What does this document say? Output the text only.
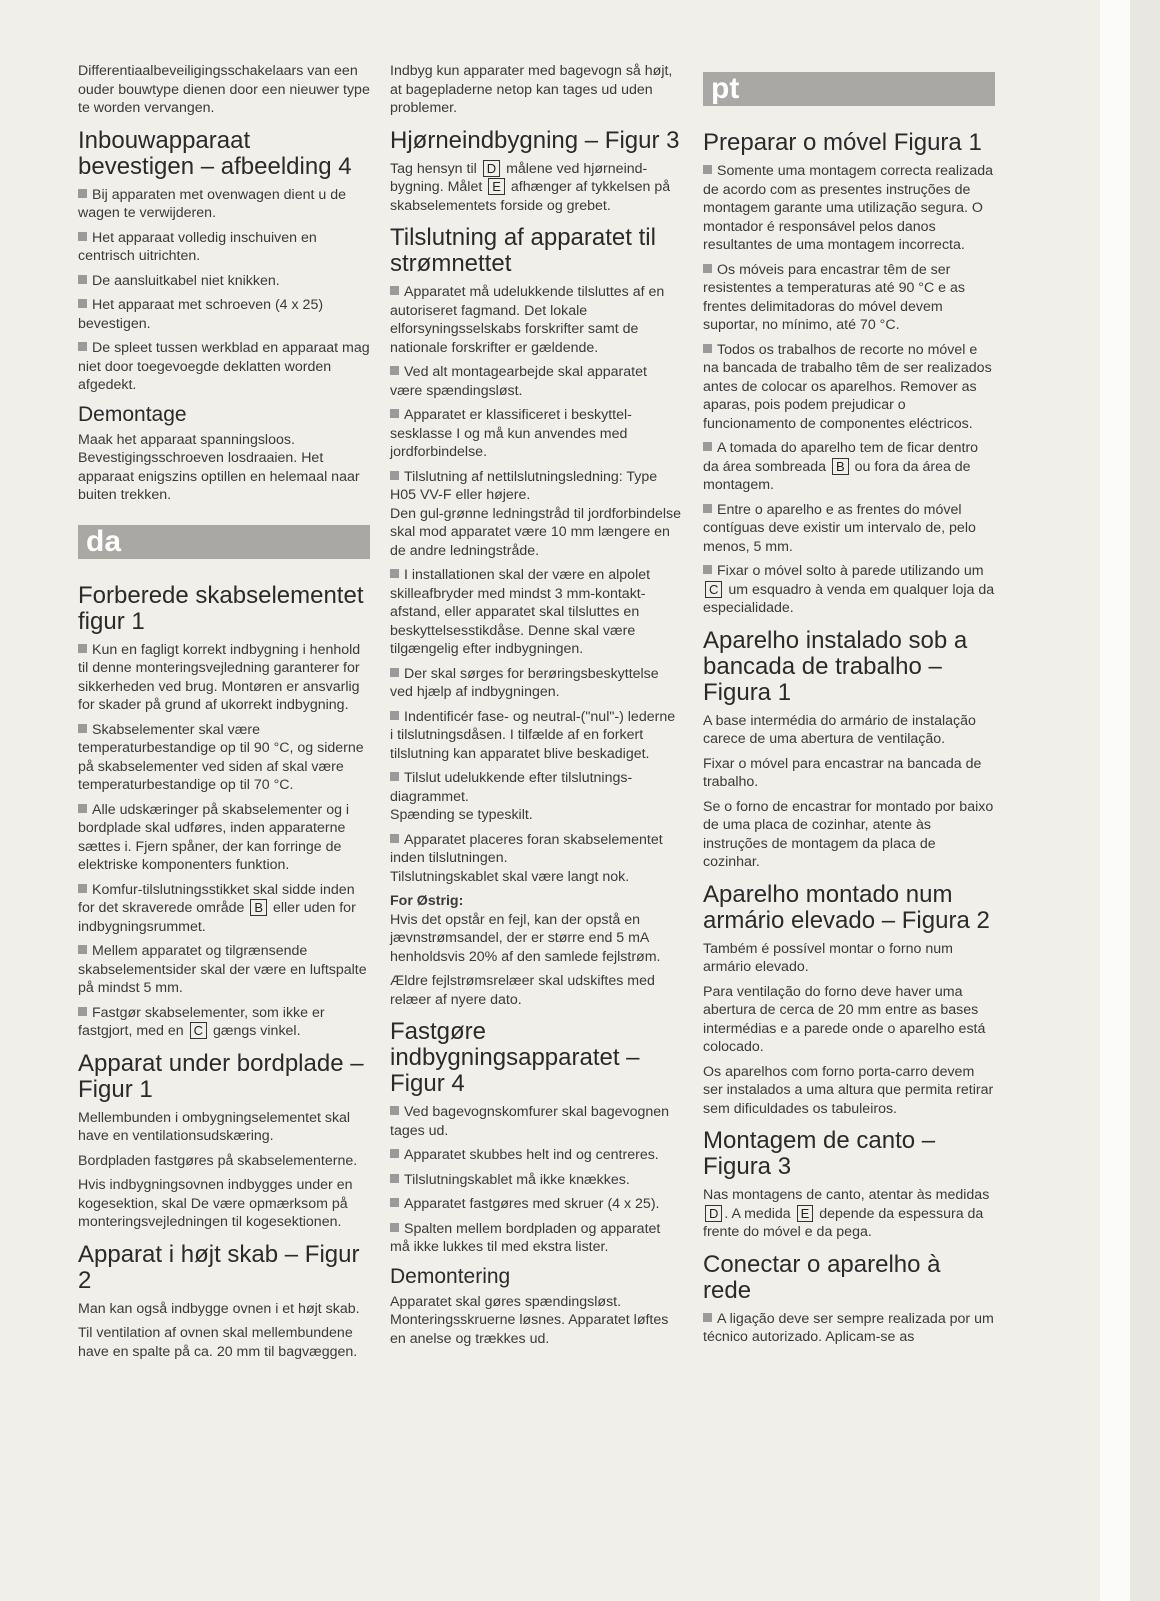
Differentiaalbeveiligingsschakelaars van een ouder bouwtype dienen door een nieuwer type te worden vervangen.

Inbouwapparaat bevestigen – afbeelding 4

Bij apparaten met ovenwagen dient u de wagen te verwijderen.

Het apparaat volledig inschuiven en centrisch uitrichten.

De aansluitkabel niet knikken.

Het apparaat met schroeven (4 x 25) bevestigen.

De spleet tussen werkblad en apparaat mag niet door toegevoegde deklatten worden afgedekt.

Demontage

Maak het apparaat spanningsloos. Bevestigingsschroeven losdraaien. Het apparaat enigszins optillen en helemaal naar buiten trekken.

da
Forberede skabselementet figur 1

Kun en fagligt korrekt indbygning i henhold til denne monteringsvejledning garanterer for sikkerheden ved brug. Montøren er ansvarlig for skader på grund af ukorrekt indbygning.

Skabselementer skal være temperaturbestandige op til 90 °C, og siderne på skabselementer ved siden af skal være temperaturbestandige op til 70 °C.

Alle udskæringer på skabselementer og i bordplade skal udføres, inden apparaterne sættes i. Fjern spåner, der kan forringe de elektriske komponenters funktion.

Komfur-tilslutningsstikket skal sidde inden for det skraverede område B eller uden for indbygningsrummet.

Mellem apparatet og tilgrænsende skabselementsider skal der være en luftspalte på mindst 5 mm.

Fastgør skabselementer, som ikke er fastgjort, med en C gængs vinkel.

Apparat under bordplade – Figur 1

Mellembunden i ombygningselementet skal have en ventilationsudskæring.

Bordpladen fastgøres på skabselementerne.

Hvis indbygningsovnen indbygges under en kogesektion, skal De være opmærksom på monteringsvejledningen til kogesektionen.

Apparat i højt skab – Figur 2

Man kan også indbygge ovnen i et højt skab.

Til ventilation af ovnen skal mellembundene have en spalte på ca. 20 mm til bagvæggen.

Indbyg kun apparater med bagevogn så højt, at bagepladerne netop kan tages ud uden problemer.

Hjørneindbygning – Figur 3

Tag hensyn til D målene ved hjørneindbygning. Målet E afhænger af tykkelsen på skabselementets forside og grebet.

Tilslutning af apparatet til strømnettet

Apparatet må udelukkende tilsluttes af en autoriseret fagmand. Det lokale elforsyningsselskabs forskrifter samt de nationale forskrifter er gældende.

Ved alt montagearbejde skal apparatet være spændingsløst.

Apparatet er klassificeret i beskyttelsesklasse I og må kun anvendes med jordforbindelse.

Tilslutning af nettilslutningsledning: Type H05 VV-F eller højere.

Den gul-grønne ledningstråd til jordforbindelse skal mod apparatet være 10 mm længere en de andre ledningstråde.

I installationen skal der være en alpolet skilleafbryder med mindst 3 mm-kontaktafstand, eller apparatet skal tilsluttes en beskyttelsesstikdåse. Denne skal være tilgængelig efter indbygningen.

Der skal sørges for berøringsbeskyttelse ved hjælp af indbygningen.

Indentificér fase- og neutral-("nul"-) lederne i tilslutningsdåsen. I tilfælde af en forkert tilslutning kan apparatet blive beskadiget.

Tilslut udelukkende efter tilslutningsdiagrammet.

Spænding se typeskilt.

Apparatet placeres foran skabselementet inden tilslutningen.

Tilslutningskablet skal være langt nok.

For Østrig:

Hvis det opstår en fejl, kan der opstå en jævnstrømsandel, der er større end 5 mA henholdsvis 20% af den samlede fejlstrøm.

Ældre fejlstrømsrelæer skal udskiftes med relæer af nyere dato.

Fastgøre indbygningsapparatet – Figur 4

Ved bagevognskomfurer skal bagevognen tages ud.

Apparatet skubbes helt ind og centreres.

Tilslutningskablet må ikke knækkes.

Apparatet fastgøres med skruer (4 x 25).

Spalten mellem bordpladen og apparatet må ikke lukkes til med ekstra lister.

Demontering

Apparatet skal gøres spændingsløst. Monteringsskruerne løsnes. Apparatet løftes en anelse og trækkes ud.

pt
Preparar o móvel Figura 1

Somente uma montagem correcta realizada de acordo com as presentes instruções de montagem garante uma utilização segura. O montador é responsável pelos danos resultantes de uma montagem incorrecta.

Os móveis para encastrar têm de ser resistentes a temperaturas até 90 °C e as frentes delimitadoras do móvel devem suportar, no mínimo, até 70 °C.

Todos os trabalhos de recorte no móvel e na bancada de trabalho têm de ser realizados antes de colocar os aparelhos. Remover as aparas, pois podem prejudicar o funcionamento de componentes eléctricos.

A tomada do aparelho tem de ficar dentro da área sombreada B ou fora da área de montagem.

Entre o aparelho e as frentes do móvel contíguas deve existir um intervalo de, pelo menos, 5 mm.

Fixar o móvel solto à parede utilizando um C um esquadro à venda em qualquer loja da especialidade.

Aparelho instalado sob a bancada de trabalho – Figura 1

A base intermédia do armário de instalação carece de uma abertura de ventilação.

Fixar o móvel para encastrar na bancada de trabalho.

Se o forno de encastrar for montado por baixo de uma placa de cozinhar, atente às instruções de montagem da placa de cozinhar.

Aparelho montado num armário elevado – Figura 2

Também é possível montar o forno num armário elevado.

Para ventilação do forno deve haver uma abertura de cerca de 20 mm entre as bases intermédias e a parede onde o aparelho está colocado.

Os aparelhos com forno porta-carro devem ser instalados a uma altura que permita retirar sem dificuldades os tabuleiros.

Montagem de canto – Figura 3

Nas montagens de canto, atentar às medidas D . A medida E depende da espessura da frente do móvel e da pega.

Conectar o aparelho à rede

A ligação deve ser sempre realizada por um técnico autorizado. Aplicam-se as
